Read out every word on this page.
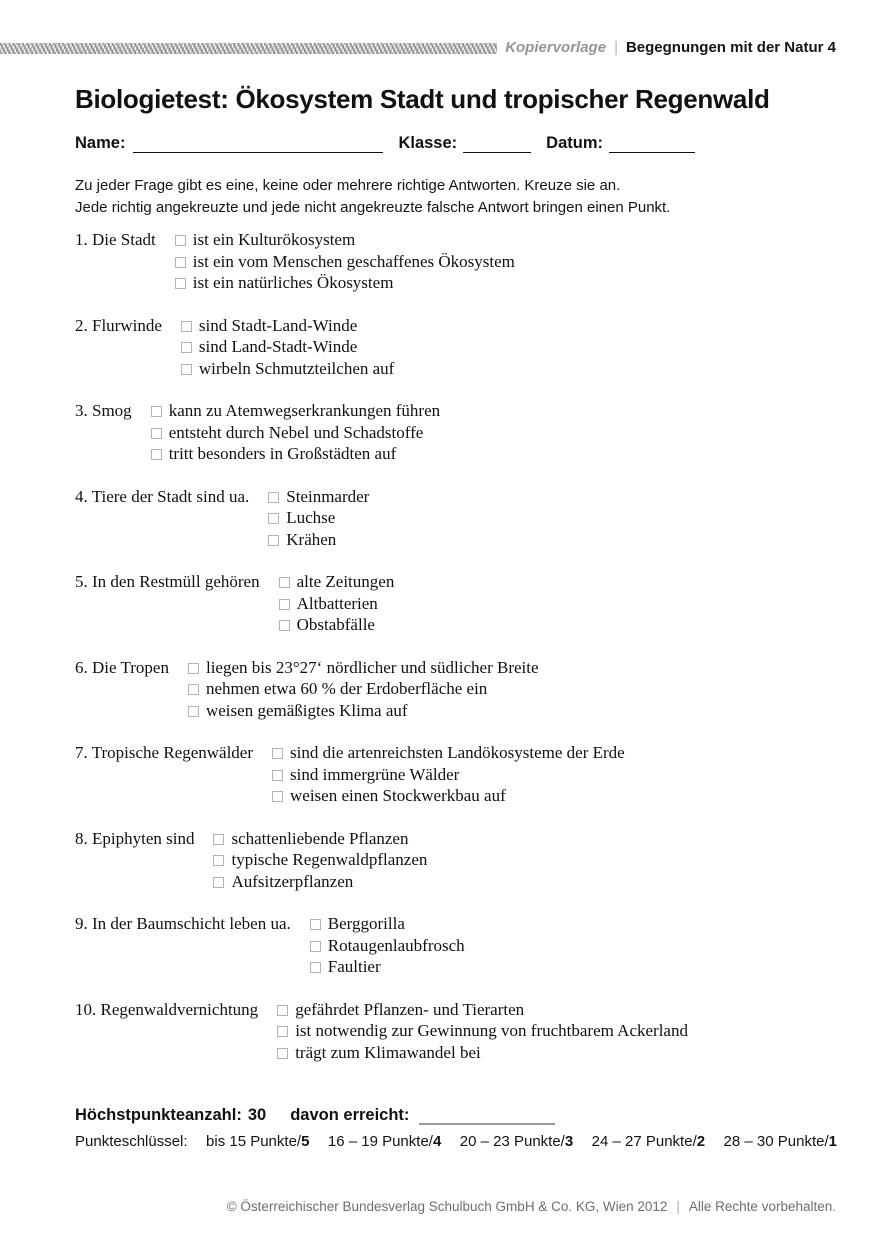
Kopiervorlage | Begegnungen mit der Natur 4
Biologietest: Ökosystem Stadt und tropischer Regenwald
Name:	Klasse:	Datum:
Zu jeder Frage gibt es eine, keine oder mehrere richtige Antworten. Kreuze sie an.
Jede richtig angekreuzte und jede nicht angekreuzte falsche Antwort bringen einen Punkt.
1. Die Stadt	ist ein Kulturökosystem
ist ein vom Menschen geschaffenes Ökosystem
ist ein natürliches Ökosystem
2. Flurwinde	sind Stadt-Land-Winde
sind Land-Stadt-Winde
wirbeln Schmutzteilchen auf
3. Smog	kann zu Atemwegserkrankungen führen
entsteht durch Nebel und Schadstoffe
tritt besonders in Großstädten auf
4. Tiere der Stadt sind ua.	Steinmarder
Luchse
Krähen
5. In den Restmüll gehören	alte Zeitungen
Altbatterien
Obstabfälle
6. Die Tropen	liegen bis 23°27‘ nördlicher und südlicher Breite
nehmen etwa 60 % der Erdoberfläche ein
weisen gemäßigtes Klima auf
7. Tropische Regenwälder	sind die artenreichsten Landökosysteme der Erde
sind immergrüne Wälder
weisen einen Stockwerkbau auf
8. Epiphyten sind	schattenliebende Pflanzen
typische Regenwaldpflanzen
Aufsitzerpflanzen
9. In der Baumschicht leben ua.	Berggorilla
Rotaugenlaubfrosch
Faultier
10. Regenwaldvernichtung	gefährdet Pflanzen- und Tierarten
ist notwendig zur Gewinnung von fruchtbarem Ackerland
trägt zum Klimawandel bei
Höchstpunkteanzahl: 30 davon erreicht:
Punkteschlüssel: bis 15 Punkte/5 16 – 19 Punkte/4 20 – 23 Punkte/3 24 – 27 Punkte/2 28 – 30 Punkte/1
© Österreichischer Bundesverlag Schulbuch GmbH & Co. KG, Wien 2012 | Alle Rechte vorbehalten.
